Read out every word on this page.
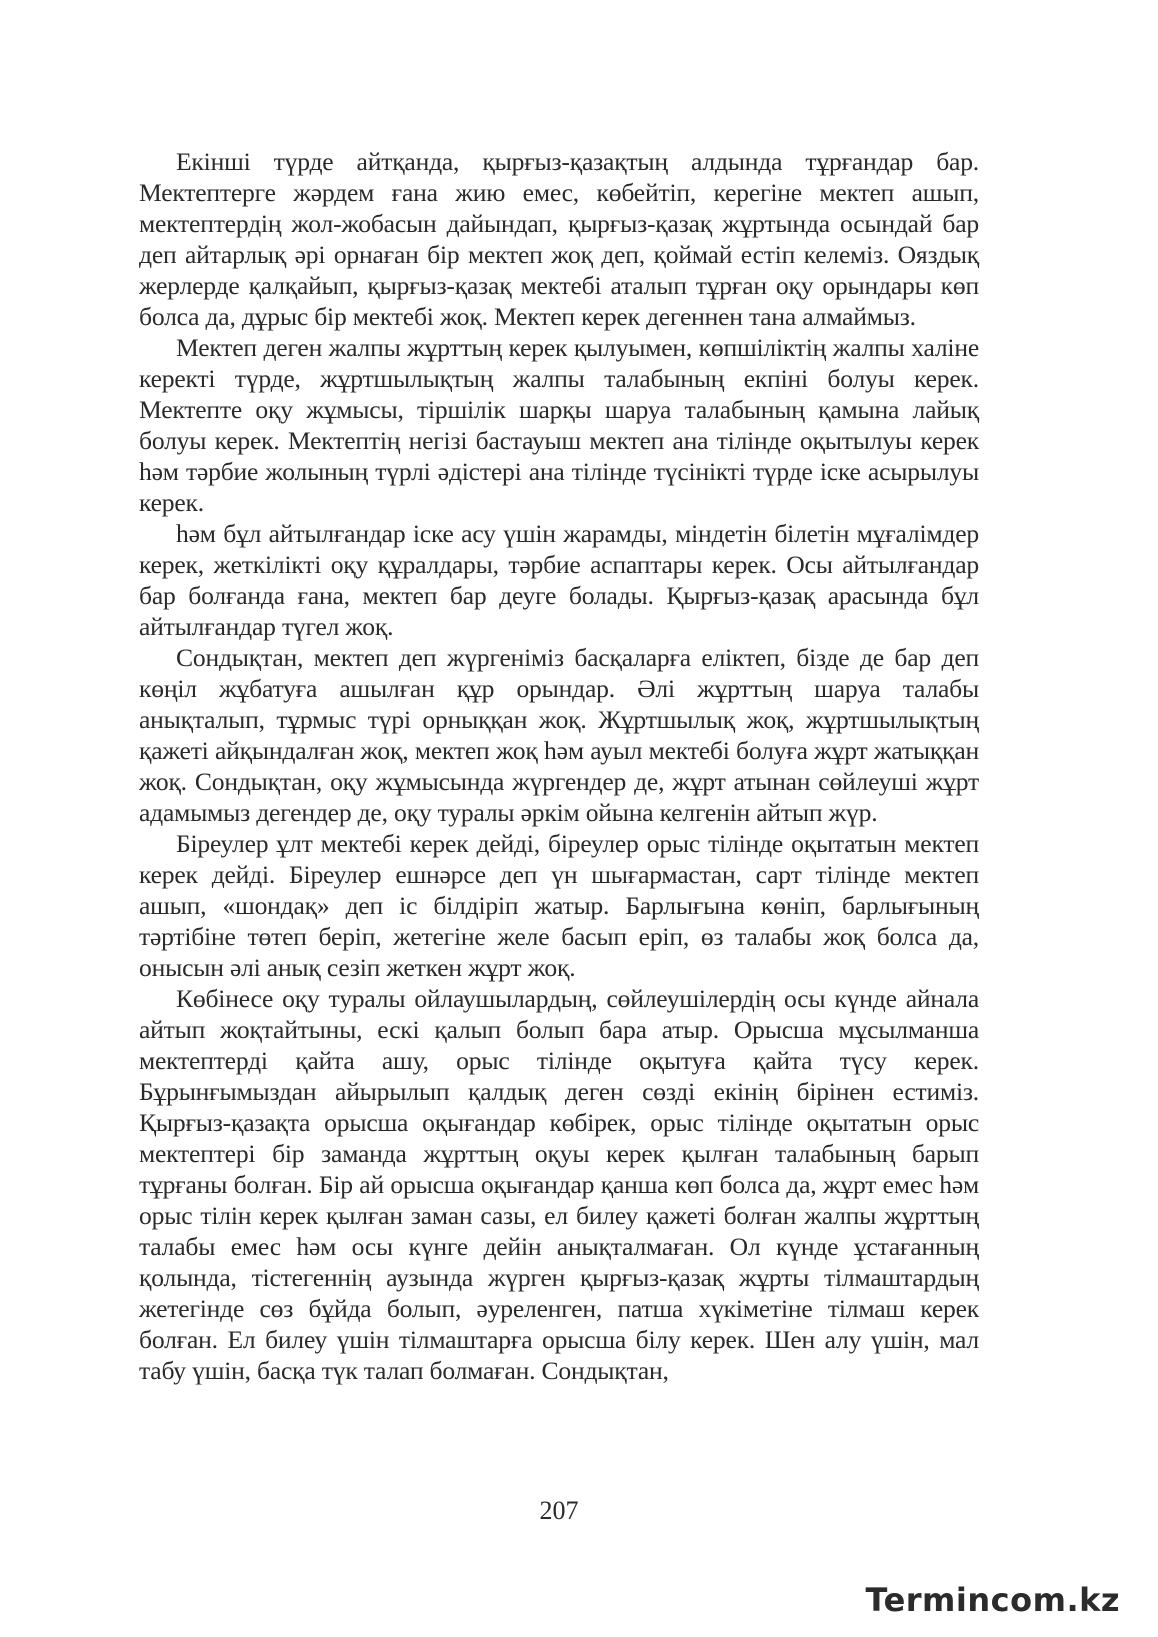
Екінші түрде айтқанда, қырғыз-қазақтың алдында тұрғандар бар. Мектептерге жәрдем ғана жию емес, көбейтіп, керегіне мектеп ашып, мектептердің жол-жобасын дайындап, қырғыз-қазақ жұртында осындай бар деп айтарлық әрі орнаған бір мектеп жоқ деп, қоймай естіп келеміз. Ояздық жерлерде қалқайып, қырғыз-қазақ мектебі аталып тұрған оқу орындары көп болса да, дұрыс бір мектебі жоқ. Мектеп керек дегеннен тана алмаймыз.

Мектеп деген жалпы жұрттың керек қылуымен, көпшіліктің жалпы халіне керекті түрде, жұртшылықтың жалпы талабының екпіні болуы керек. Мектепте оқу жұмысы, тіршілік шарқы шаруа талабының қамына лайық болуы керек. Мектептің негізі бастауыш мектеп ана тілінде оқытылуы керек һәм тәрбие жолының түрлі әдістері ана тілінде түсінікті түрде іске асырылуы керек.

һәм бұл айтылғандар іске асу үшін жарамды, міндетін білетін мұғалімдер керек, жеткілікті оқу құралдары, тәрбие аспаптары керек. Осы айтылғандар бар болғанда ғана, мектеп бар деуге болады. Қырғыз-қазақ арасында бұл айтылғандар түгел жоқ.

Сондықтан, мектеп деп жүргеніміз басқаларға еліктеп, бізде де бар деп көңіл жұбатуға ашылған құр орындар. Әлі жұрттың шаруа талабы анықталып, тұрмыс түрі орныққан жоқ. Жұртшылық жоқ, жұртшылықтың қажеті айқындалған жоқ, мектеп жоқ һәм ауыл мектебі болуға жұрт жатыққан жоқ. Сондықтан, оқу жұмысында жүргендер де, жұрт атынан сөйлеуші жұрт адамымыз дегендер де, оқу туралы әркім ойына келгенін айтып жүр.

Біреулер ұлт мектебі керек дейді, біреулер орыс тілінде оқытатын мектеп керек дейді. Біреулер ешнәрсе деп үн шығармастан, сарт тілінде мектеп ашып, «шондақ» деп іс білдіріп жатыр. Барлығына көніп, барлығының тәртібіне төтеп беріп, жетегіне желе басып еріп, өз талабы жоқ болса да, онысын әлі анық сезіп жеткен жұрт жоқ.

Көбінесе оқу туралы ойлаушылардың, сөйлеушілердің осы күнде айнала айтып жоқтайтыны, ескі қалып болып бара атыр. Орысша мұсылманша мектептерді қайта ашу, орыс тілінде оқытуға қайта түсу керек. Бұрынғымыздан айырылып қалдық деген сөзді екінің бірінен естиміз. Қырғыз-қазақта орысша оқығандар көбірек, орыс тілінде оқытатын орыс мектептері бір заманда жұрттың оқуы керек қылған талабының барып тұрғаны болған. Бір ай орысша оқығандар қанша көп болса да, жұрт емес һәм орыс тілін керек қылған заман сазы, ел билеу қажеті болған жалпы жұрттың талабы емес һәм осы күнге дейін анықталмаған. Ол күнде ұстағанның қолында, тістегеннің аузында жүрген қырғыз-қазақ жұрты тілмаштардың жетегінде сөз бұйда болып, әуреленген, патша хүкіметіне тілмаш керек болған. Ел билеу үшін тілмаштарға орысша білу керек. Шен алу үшін, мал табу үшін, басқа түк талап болмаған. Сондықтан,

207
Termincom.kz
